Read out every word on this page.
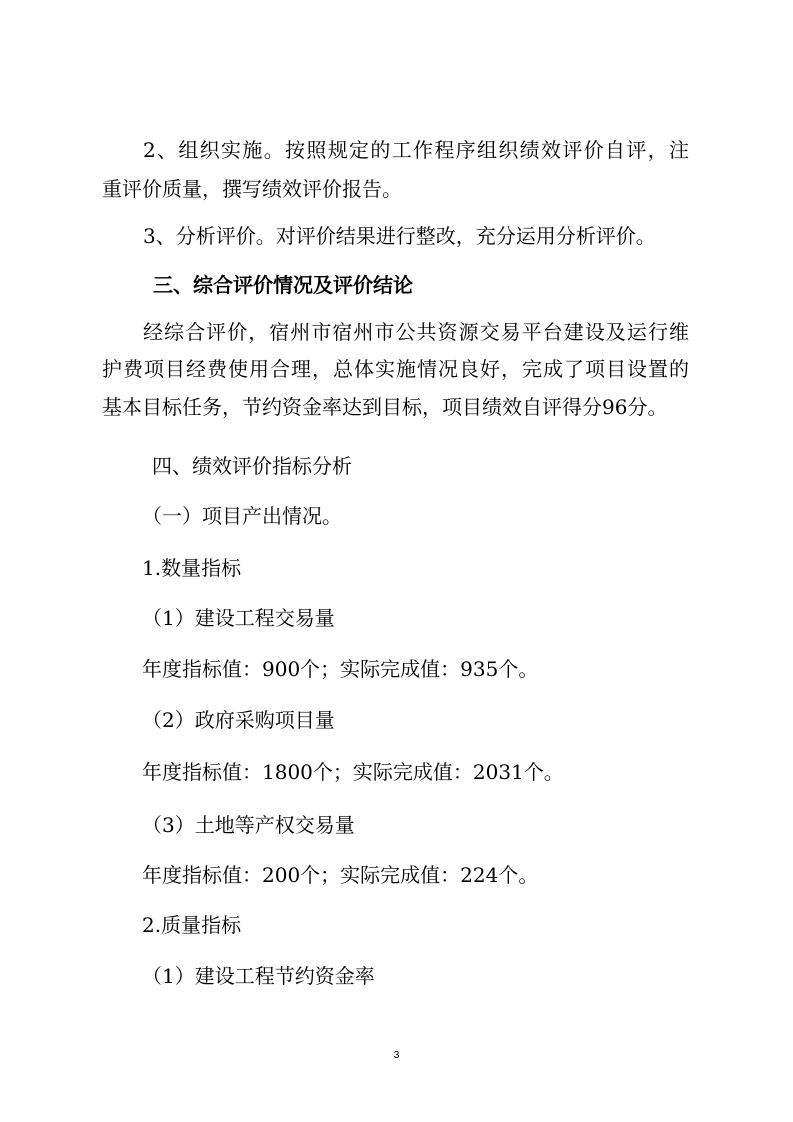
2、组织实施。按照规定的工作程序组织绩效评价自评，注

重评价质量，撰写绩效评价报告。

3、分析评价。对评价结果进行整改，充分运用分析评价。

三、综合评价情况及评价结论

经综合评价，宿州市宿州市公共资源交易平台建设及运行维

护费项目经费使用合理，总体实施情况良好，完成了项目设置的

基本目标任务，节约资金率达到目标，项目绩效自评得分96分。

四、绩效评价指标分析

（一）项目产出情况。

1.数量指标

（1）建设工程交易量

年度指标值：900个；实际完成值：935个。

（2）政府采购项目量

年度指标值：1800个；实际完成值：2031个。

（3）土地等产权交易量

年度指标值：200个；实际完成值：224个。

2.质量指标

（1）建设工程节约资金率

3
